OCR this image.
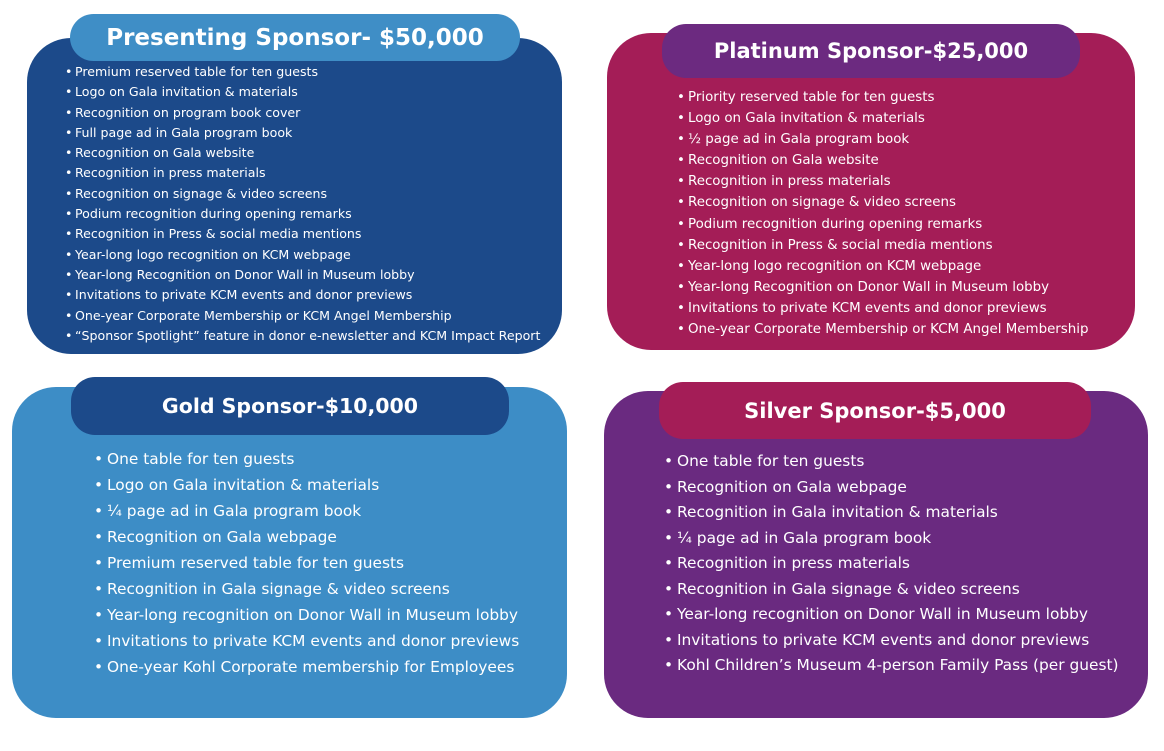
Presenting Sponsor- $50,000
• Premium reserved table for ten guests
• Logo on Gala invitation & materials
• Recognition on program book cover
• Full page ad in Gala program book
• Recognition on Gala website
• Recognition in press materials
• Recognition on signage & video screens
• Podium recognition during opening remarks
• Recognition in Press & social media mentions
• Year-long logo recognition on KCM webpage
• Year-long Recognition on Donor Wall in Museum lobby
• Invitations to private KCM events and donor previews
• One-year Corporate Membership or KCM Angel Membership
• “Sponsor Spotlight” feature in donor e-newsletter and KCM Impact Report
Platinum Sponsor-$25,000
• Priority reserved table for ten guests
• Logo on Gala invitation & materials
• ½ page ad in Gala program book
• Recognition on Gala website
• Recognition in press materials
• Recognition on signage & video screens
• Podium recognition during opening remarks
• Recognition in Press & social media mentions
• Year-long logo recognition on KCM webpage
• Year-long Recognition on Donor Wall in Museum lobby
• Invitations to private KCM events and donor previews
• One-year Corporate Membership or KCM Angel Membership
Gold Sponsor-$10,000
• One table for ten guests
• Logo on Gala invitation & materials
• ¼ page ad in Gala program book
• Recognition on Gala webpage
• Premium reserved table for ten guests
• Recognition in Gala signage & video screens
• Year-long recognition on Donor Wall in Museum lobby
• Invitations to private KCM events and donor previews
• One-year Kohl Corporate membership for Employees
Silver Sponsor-$5,000
• One table for ten guests
• Recognition on Gala webpage
• Recognition in Gala invitation & materials
• ¼ page ad in Gala program book
• Recognition in press materials
• Recognition in Gala signage & video screens
• Year-long recognition on Donor Wall in Museum lobby
• Invitations to private KCM events and donor previews
• Kohl Children’s Museum 4-person Family Pass (per guest)
